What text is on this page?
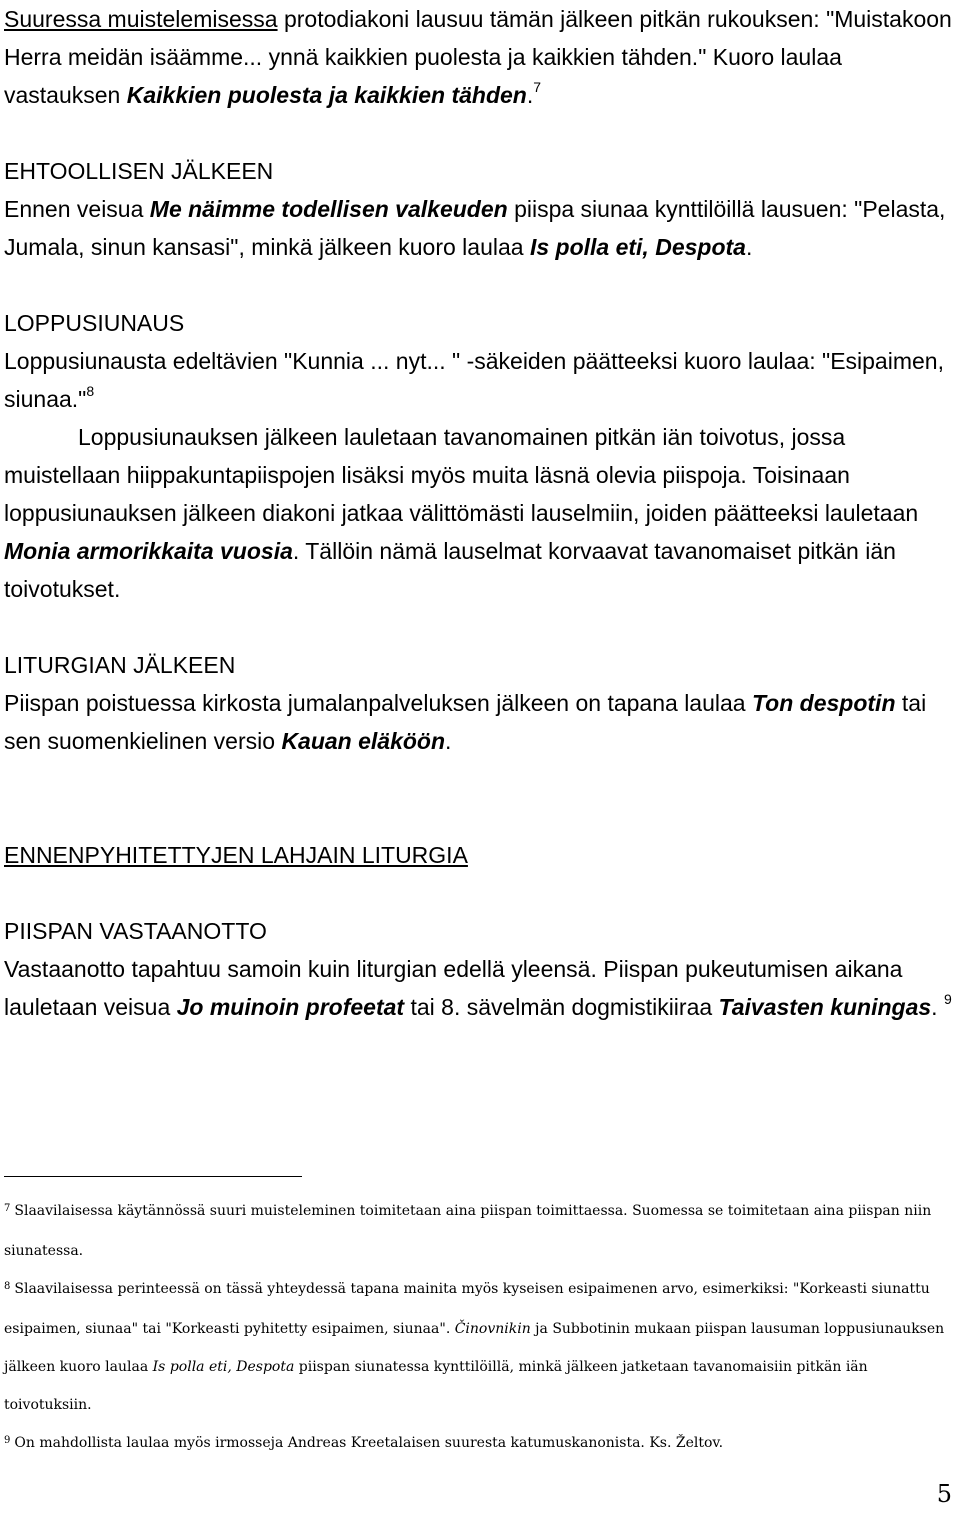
Suuressa muistelemisessa protodiakoni lausuu tämän jälkeen pitkän rukouksen: "Muistakoon Herra meidän isäämme... ynnä kaikkien puolesta ja kaikkien tähden." Kuoro laulaa vastauksen Kaikkien puolesta ja kaikkien tähden.$^7$

EHTOOLLISEN JÄLKEEN

Ennen veisua Me näimme todellisen valkeuden piispa siunaa kynttilöillä lausuen: "Pelasta, Jumala, sinun kansasi", minkä jälkeen kuoro laulaa Is polla eti, Despota.

LOPPUSIUNAUS

Loppusiunausta edeltävien "Kunnia ... nyt... " -säkeiden päätteeksi kuoro laulaa: "Esipaimen, siunaa."$^8$

Loppusiunauksen jälkeen lauletaan tavanomainen pitkän iän toivotus, jossa muistellaan hiippakuntapiispojen lisäksi myös muita läsnä olevia piispoja. Toisinaan loppusiunauksen jälkeen diakoni jatkaa välittömästi lauselmiin, joiden päätteeksi lauletaan Monia armorikkaita vuosia. Tällöin nämä lauselmat korvaavat tavanomaiset pitkän iän toivotukset.

LITURGIAN JÄLKEEN

Piispan poistuessa kirkosta jumalanpalveluksen jälkeen on tapana laulaa Ton despotin tai sen suomenkielinen versio Kauan eläköön.

ENNENPYHITETTYJEN LAHJAIN LITURGIA

PIISPAN VASTAANOTTO

Vastaanotto tapahtuu samoin kuin liturgian edellä yleensä. Piispan pukeutumisen aikana lauletaan veisua Jo muinoin profeetat tai 8. sävelmän dogmistikiiraa Taivasten kuningas. $^9$

$^7$ Slaavilaisessa käytännössä suuri muisteleminen toimitetaan aina piispan toimittaessa. Suomessa se toimitetaan aina piispan niin siunatessa.

$^8$ Slaavilaisessa perinteessä on tässä yhteydessä tapana mainita myös kyseisen esipaimenen arvo, esimerkiksi: "Korkeasti siunattu esipaimen, siunaa" tai "Korkeasti pyhitetty esipaimen, siunaa". Činovnikin ja Subbotinin mukaan piispan lausuman loppusiunauksen jälkeen kuoro laulaa Is polla eti, Despota piispan siunatessa kynttilöillä, minkä jälkeen jatketaan tavanomaisiin pitkän iän toivotuksiin.

$^9$ On mahdollista laulaa myös irmosseja Andreas Kreetalaisen suuresta katumuskanonista. Ks. Želtov.

5
